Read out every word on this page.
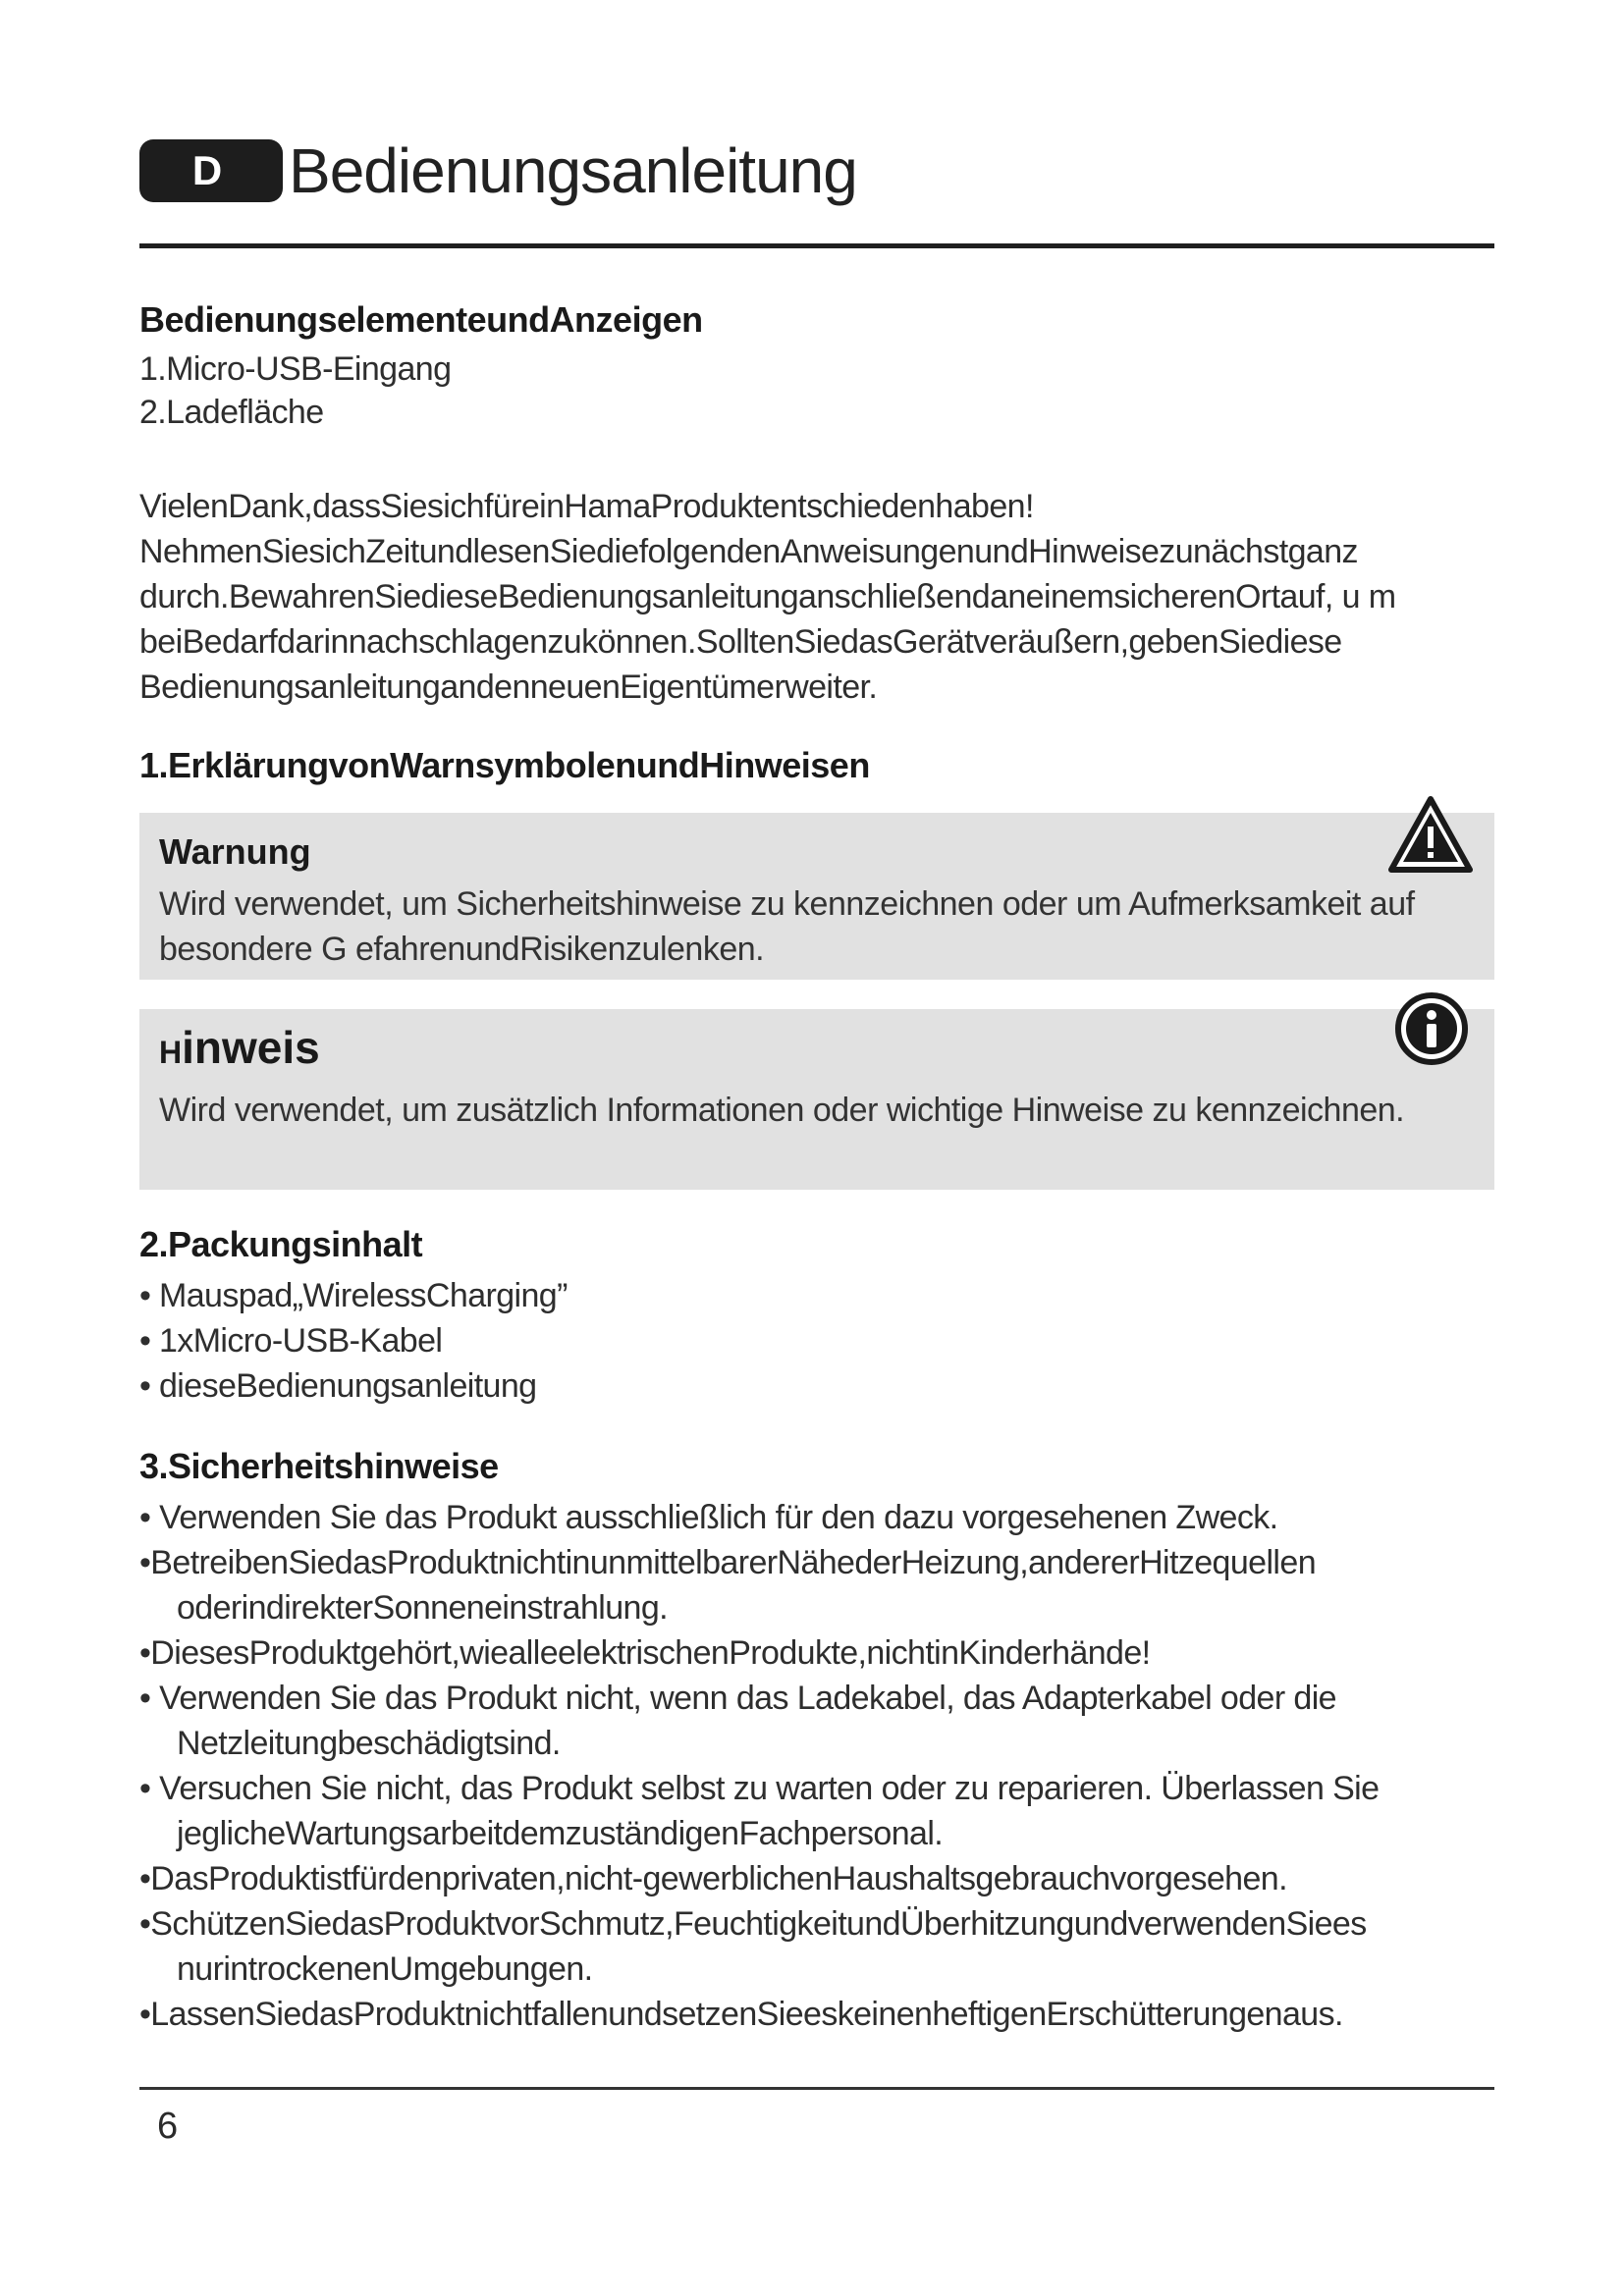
D	Bedienungsanleitung
BedienungselementeundAnzeigen
1.Micro-USB-Eingang
2.Ladefläche
VielenDank,dassSiesichfüreinHamaProduktentschiedenhaben!
NehmenSiesichZeitundlesenSiediefolgendenAnweisungenundHinweisezunächstganz
durch.BewahrenSiedieseBedienungsanleitunganschließendaneinemsicherenOrtauf, u m
beiBedarfdarinnachschlagenzukönnen.SolltenSiedasGerätveräußern,gebenSiediese
BedienungsanleitungandenneuenEigentümerweiter.
1.ErklärungvonWarnsymbolenundHinweisen
Warnung
Wird verwendet, um Sicherheitshinweise zu kennzeichnen oder um Aufmerksamkeit auf
besondere G efahrenundRisikenzulenken.
Hinweis
Wird verwendet, um zusätzlich Informationen oder wichtige Hinweise zu kennzeichnen.
2.Packungsinhalt
• Mauspad„WirelessCharging”
• 1xMicro-USB-Kabel
• dieseBedienungsanleitung
3.Sicherheitshinweise
• Verwenden Sie das Produkt ausschließlich für den dazu vorgesehenen Zweck.
•BetreibenSiedasProduktnichtinunmittelbarerNähederHeizung,andererHitzequellen
oderindirekterSonneneinstrahlung.
•DiesesProduktgehört,wiealleelektrischenProdukte,nichtinKinderhände!
• Verwenden Sie das Produkt nicht, wenn das Ladekabel, das Adapterkabel oder die
Netzleitungbeschädigtsind.
• Versuchen Sie nicht, das Produkt selbst zu warten oder zu reparieren. Überlassen Sie
jeglicheWartungsarbeitdemzuständigenFachpersonal.
•DasProduktistfürdenprivaten,nicht-gewerblichenHaushaltsgebrauchvorgesehen.
•SchützenSiedasProduktvorSchmutz,FeuchtigkeitundÜberhitzungundverwendenSiees
nurintrockenenUmgebungen.
•LassenSiedasProduktnichtfallenundsetzenSieeskeinenheftigenErschütterungenaus.
6
